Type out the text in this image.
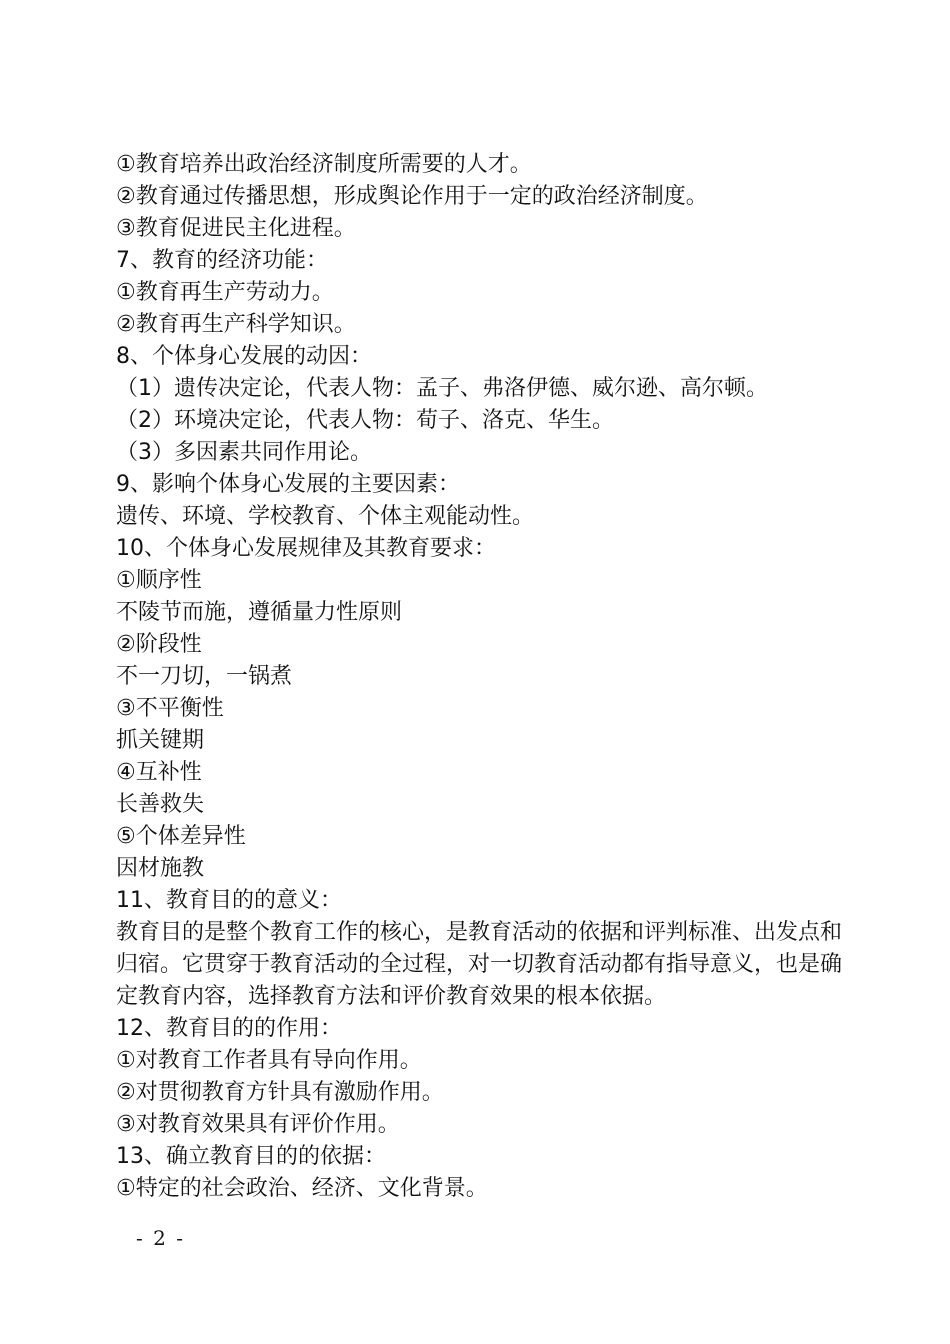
①教育培养出政治经济制度所需要的人才。

②教育通过传播思想，形成舆论作用于一定的政治经济制度。

③教育促进民主化进程。

7、教育的经济功能：

①教育再生产劳动力。

②教育再生产科学知识。

8、个体身心发展的动因：

（1）遗传决定论，代表人物：孟子、弗洛伊德、威尔逊、高尔顿。

（2）环境决定论，代表人物：荀子、洛克、华生。

（3）多因素共同作用论。

9、影响个体身心发展的主要因素：

遗传、环境、学校教育、个体主观能动性。

10、个体身心发展规律及其教育要求：

①顺序性

不陵节而施，遵循量力性原则

②阶段性

不一刀切，一锅煮

③不平衡性

抓关键期

④互补性

长善救失

⑤个体差异性

因材施教

11、教育目的的意义：

教育目的是整个教育工作的核心，是教育活动的依据和评判标准、出发点和归宿。它贯穿于教育活动的全过程，对一切教育活动都有指导意义，也是确定教育内容，选择教育方法和评价教育效果的根本依据。

12、教育目的的作用：

①对教育工作者具有导向作用。

②对贯彻教育方针具有激励作用。

③对教育效果具有评价作用。

13、确立教育目的的依据：

①特定的社会政治、经济、文化背景。

- 2 -
